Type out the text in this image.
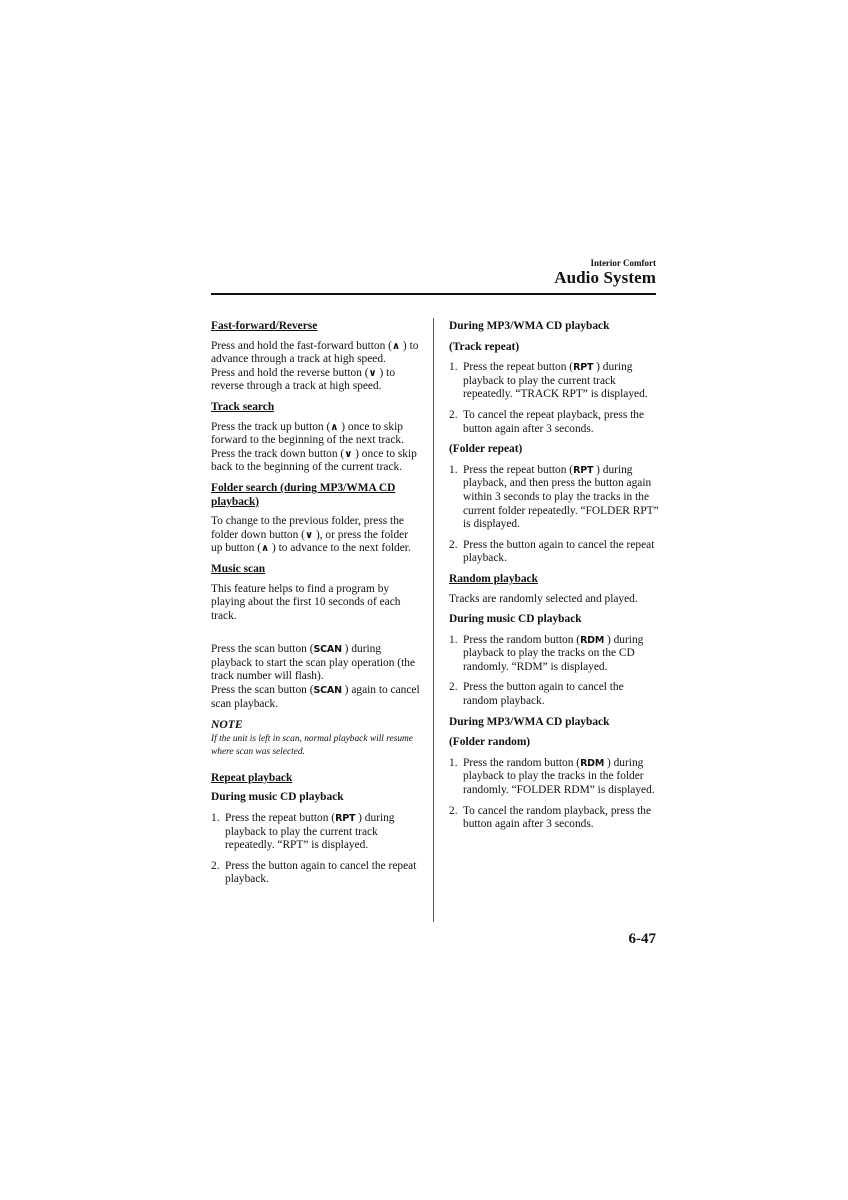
Interior Comfort
Audio System
Fast-forward/Reverse
Press and hold the fast-forward button (∧ ) to advance through a track at high speed.

Press and hold the reverse button (∨ ) to reverse through a track at high speed.

Track search
Press the track up button (∧ ) once to skip forward to the beginning of the next track.

Press the track down button (∨ ) once to skip back to the beginning of the current track.

Folder search (during MP3/WMA CD playback)

To change to the previous folder, press the folder down button (∨ ), or press the folder up button (∧ ) to advance to the next folder.

Music scan

This feature helps to find a program by playing about the first 10 seconds of each track.

Press the scan button (SCAN ) during playback to start the scan play operation (the track number will flash).

Press the scan button (SCAN ) again to cancel scan playback.

NOTE
If the unit is left in scan, normal playback will resume where scan was selected.
Repeat playback
During music CD playback
1. Press the repeat button (RPT ) during playback to play the current track repeatedly. “RPT” is displayed.
2. Press the button again to cancel the repeat playback.
During MP3/WMA CD playback
(Track repeat)
1. Press the repeat button (RPT ) during playback to play the current track repeatedly. “TRACK RPT” is displayed.
2. To cancel the repeat playback, press the button again after 3 seconds.
(Folder repeat)
1. Press the repeat button (RPT ) during playback, and then press the button again within 3 seconds to play the tracks in the current folder repeatedly. “FOLDER RPT” is displayed.
2. Press the button again to cancel the repeat playback.
Random playback

Tracks are randomly selected and played.

During music CD playback
1. Press the random button (RDM ) during playback to play the tracks on the CD randomly. “RDM” is displayed.
2. Press the button again to cancel the random playback.
During MP3/WMA CD playback
(Folder random)
1. Press the random button (RDM ) during playback to play the tracks in the folder randomly. “FOLDER RDM” is displayed.
2. To cancel the random playback, press the button again after 3 seconds.
6-47
